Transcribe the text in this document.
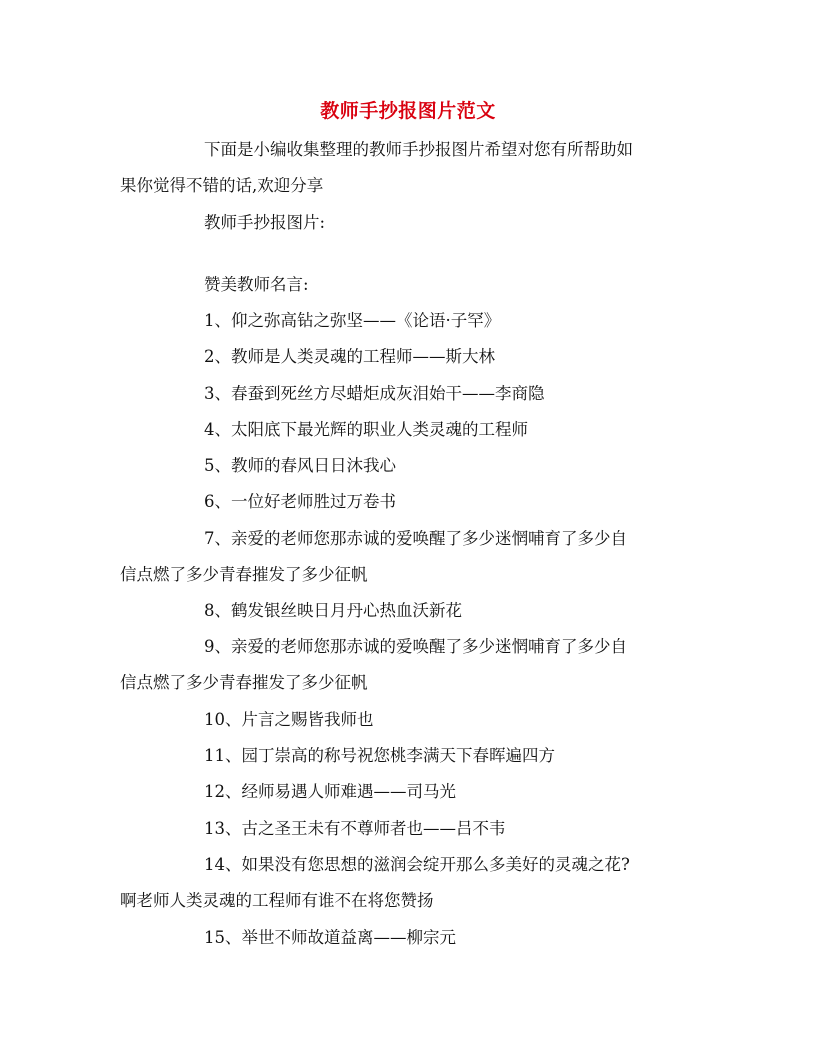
教师手抄报图片范文
下面是小编收集整理的教师手抄报图片希望对您有所帮助如
果你觉得不错的话,欢迎分享
教师手抄报图片:
赞美教师名言:
1、仰之弥高钻之弥坚——《论语·子罕》
2、教师是人类灵魂的工程师——斯大林
3、春蚕到死丝方尽蜡炬成灰泪始干——李商隐
4、太阳底下最光辉的职业人类灵魂的工程师
5、教师的春风日日沐我心
6、一位好老师胜过万卷书
7、亲爱的老师您那赤诚的爱唤醒了多少迷惘哺育了多少自
信点燃了多少青春摧发了多少征帆
8、鹤发银丝映日月丹心热血沃新花
9、亲爱的老师您那赤诚的爱唤醒了多少迷惘哺育了多少自
信点燃了多少青春摧发了多少征帆
10、片言之赐皆我师也
11、园丁崇高的称号祝您桃李满天下春晖遍四方
12、经师易遇人师难遇——司马光
13、古之圣王未有不尊师者也——吕不韦
14、如果没有您思想的滋润会绽开那么多美好的灵魂之花?
啊老师人类灵魂的工程师有谁不在将您赞扬
15、举世不师故道益离——柳宗元
